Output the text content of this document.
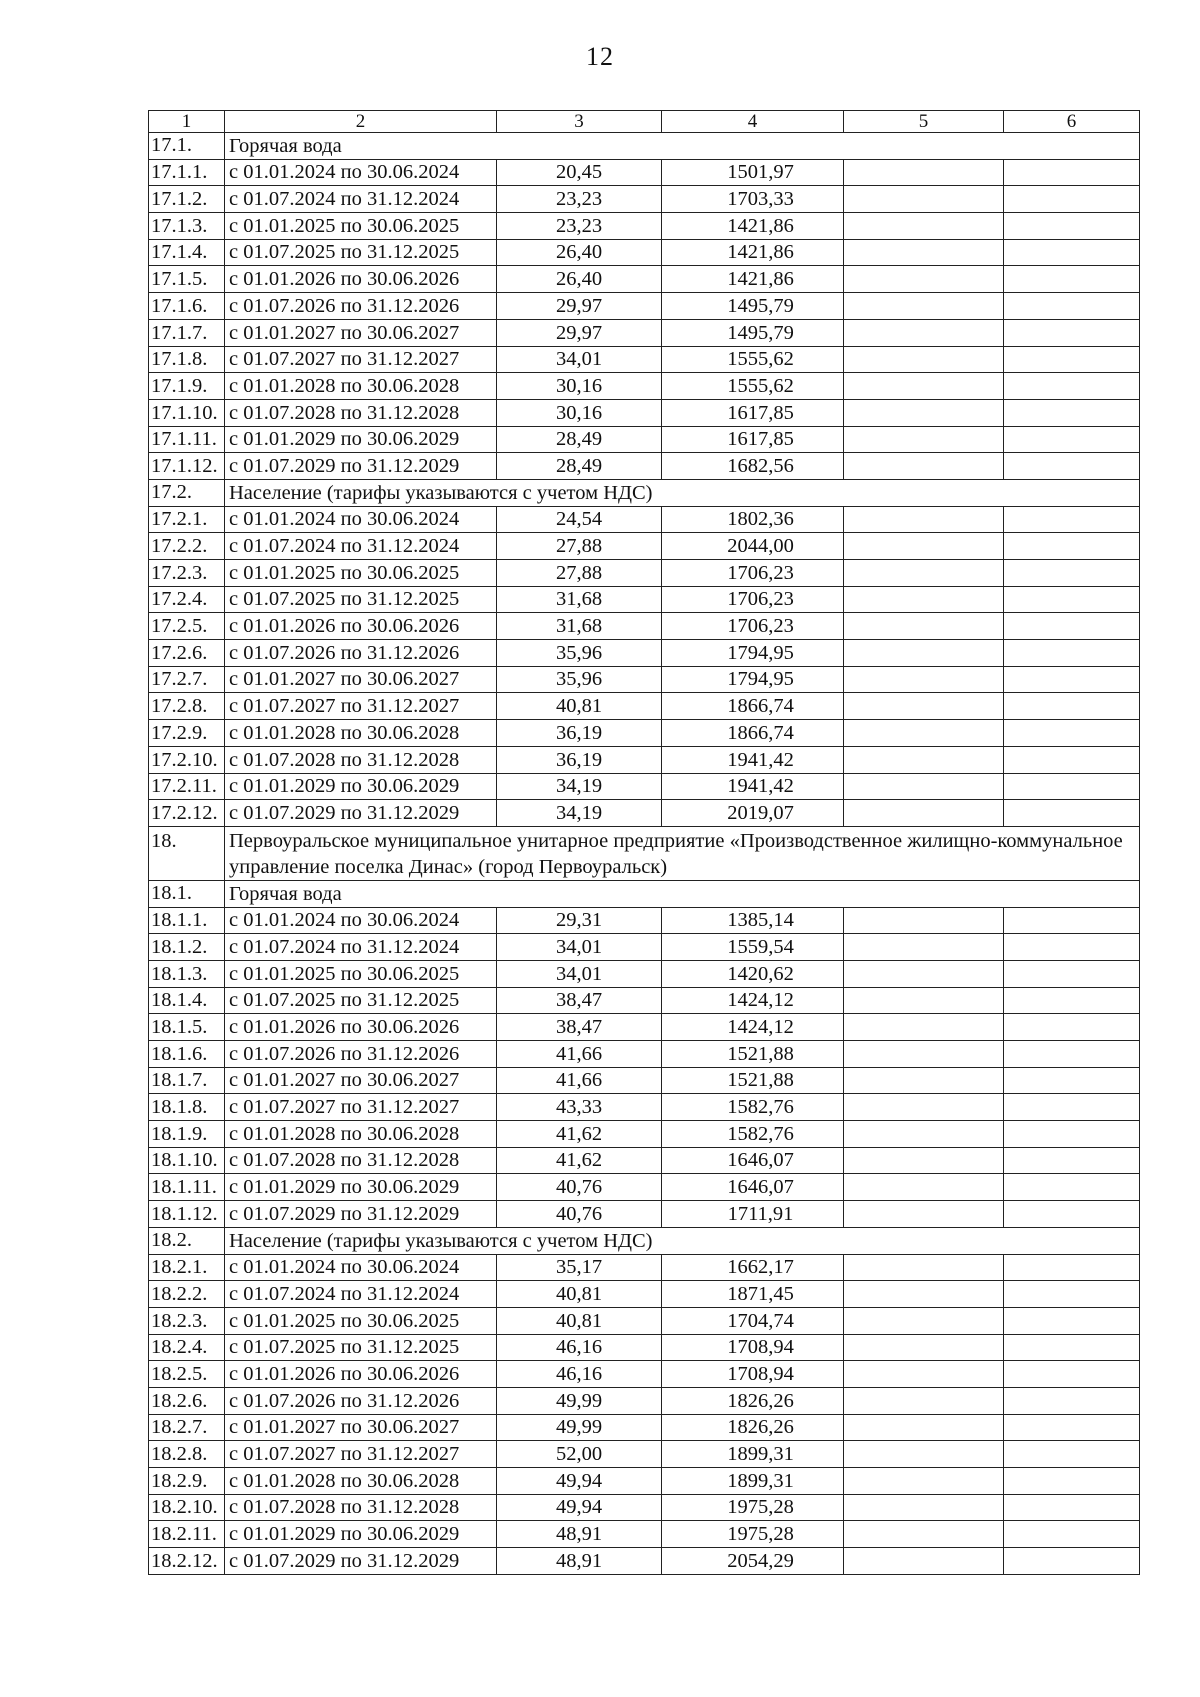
12
1	2	3	4	5	6
17.1.	Горячая вода				
17.1.1.	с 01.01.2024 по 30.06.2024	20,45	1501,97		
17.1.2.	с 01.07.2024 по 31.12.2024	23,23	1703,33		
17.1.3.	с 01.01.2025 по 30.06.2025	23,23	1421,86		
17.1.4.	с 01.07.2025 по 31.12.2025	26,40	1421,86		
17.1.5.	с 01.01.2026 по 30.06.2026	26,40	1421,86		
17.1.6.	с 01.07.2026 по 31.12.2026	29,97	1495,79		
17.1.7.	с 01.01.2027 по 30.06.2027	29,97	1495,79		
17.1.8.	с 01.07.2027 по 31.12.2027	34,01	1555,62		
17.1.9.	с 01.01.2028 по 30.06.2028	30,16	1555,62		
17.1.10.	с 01.07.2028 по 31.12.2028	30,16	1617,85		
17.1.11.	с 01.01.2029 по 30.06.2029	28,49	1617,85		
17.1.12.	с 01.07.2029 по 31.12.2029	28,49	1682,56		
17.2.	Население (тарифы указываются с учетом НДС)				
17.2.1.	с 01.01.2024 по 30.06.2024	24,54	1802,36		
17.2.2.	с 01.07.2024 по 31.12.2024	27,88	2044,00		
17.2.3.	с 01.01.2025 по 30.06.2025	27,88	1706,23		
17.2.4.	с 01.07.2025 по 31.12.2025	31,68	1706,23		
17.2.5.	с 01.01.2026 по 30.06.2026	31,68	1706,23		
17.2.6.	с 01.07.2026 по 31.12.2026	35,96	1794,95		
17.2.7.	с 01.01.2027 по 30.06.2027	35,96	1794,95		
17.2.8.	с 01.07.2027 по 31.12.2027	40,81	1866,74		
17.2.9.	с 01.01.2028 по 30.06.2028	36,19	1866,74		
17.2.10.	с 01.07.2028 по 31.12.2028	36,19	1941,42		
17.2.11.	с 01.01.2029 по 30.06.2029	34,19	1941,42		
17.2.12.	с 01.07.2029 по 31.12.2029	34,19	2019,07		
18.	Первоуральское муниципальное унитарное предприятие «Производственное жилищно-коммунальное управление поселка Динас» (город Первоуральск)				
18.1.	Горячая вода				
18.1.1.	с 01.01.2024 по 30.06.2024	29,31	1385,14		
18.1.2.	с 01.07.2024 по 31.12.2024	34,01	1559,54		
18.1.3.	с 01.01.2025 по 30.06.2025	34,01	1420,62		
18.1.4.	с 01.07.2025 по 31.12.2025	38,47	1424,12		
18.1.5.	с 01.01.2026 по 30.06.2026	38,47	1424,12		
18.1.6.	с 01.07.2026 по 31.12.2026	41,66	1521,88		
18.1.7.	с 01.01.2027 по 30.06.2027	41,66	1521,88		
18.1.8.	с 01.07.2027 по 31.12.2027	43,33	1582,76		
18.1.9.	с 01.01.2028 по 30.06.2028	41,62	1582,76		
18.1.10.	с 01.07.2028 по 31.12.2028	41,62	1646,07		
18.1.11.	с 01.01.2029 по 30.06.2029	40,76	1646,07		
18.1.12.	с 01.07.2029 по 31.12.2029	40,76	1711,91		
18.2.	Население (тарифы указываются с учетом НДС)				
18.2.1.	с 01.01.2024 по 30.06.2024	35,17	1662,17		
18.2.2.	с 01.07.2024 по 31.12.2024	40,81	1871,45		
18.2.3.	с 01.01.2025 по 30.06.2025	40,81	1704,74		
18.2.4.	с 01.07.2025 по 31.12.2025	46,16	1708,94		
18.2.5.	с 01.01.2026 по 30.06.2026	46,16	1708,94		
18.2.6.	с 01.07.2026 по 31.12.2026	49,99	1826,26		
18.2.7.	с 01.01.2027 по 30.06.2027	49,99	1826,26		
18.2.8.	с 01.07.2027 по 31.12.2027	52,00	1899,31		
18.2.9.	с 01.01.2028 по 30.06.2028	49,94	1899,31		
18.2.10.	с 01.07.2028 по 31.12.2028	49,94	1975,28		
18.2.11.	с 01.01.2029 по 30.06.2029	48,91	1975,28		
18.2.12.	с 01.07.2029 по 31.12.2029	48,91	2054,29		
